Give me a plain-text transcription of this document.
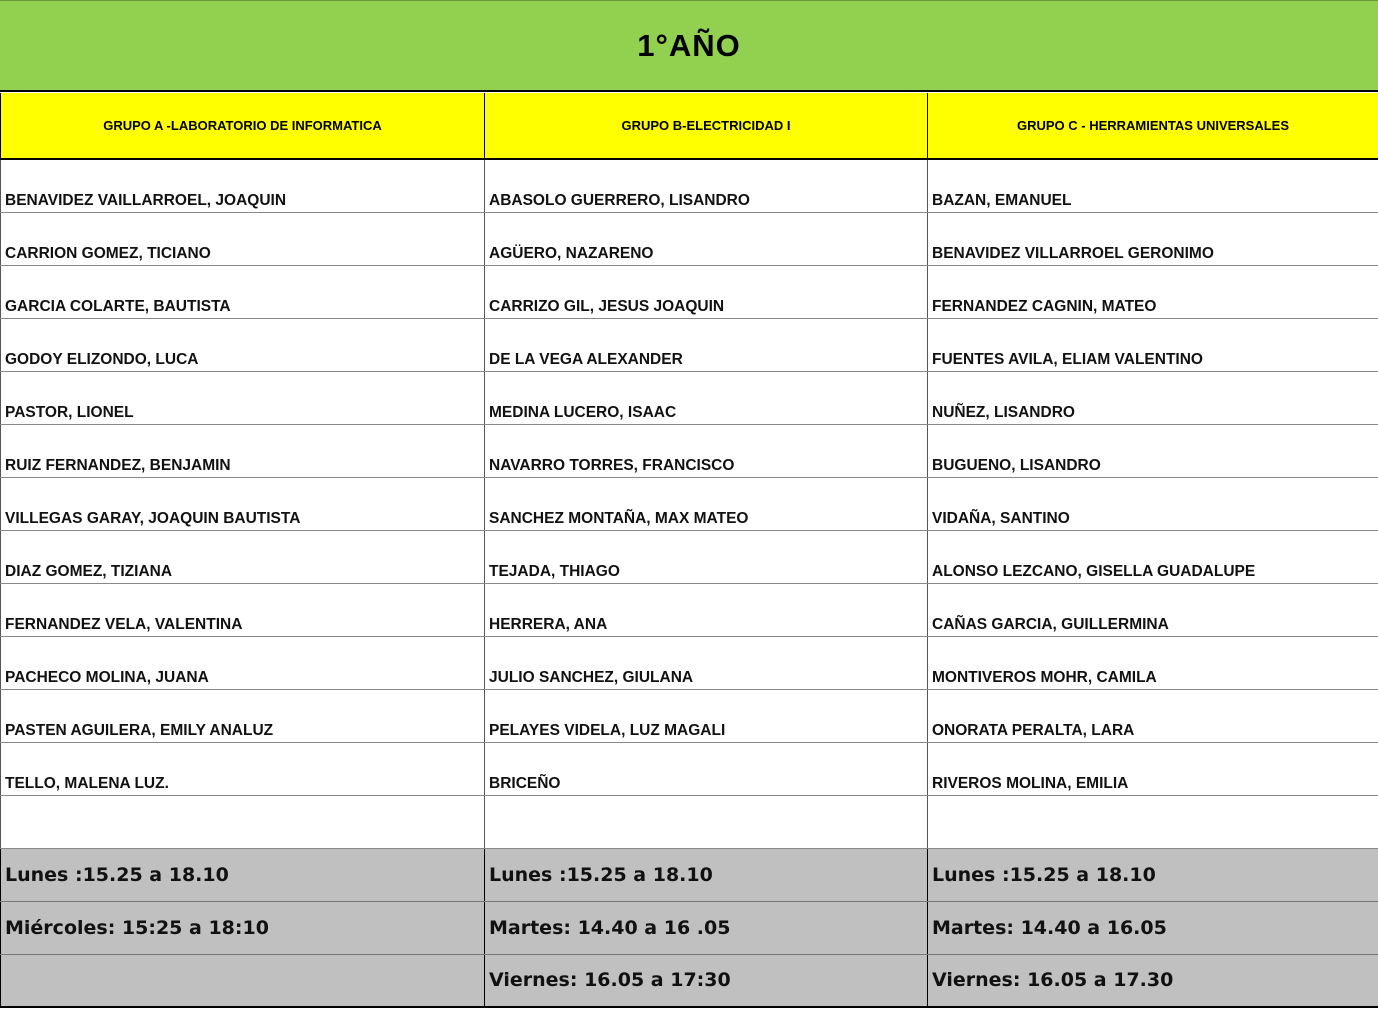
1°AÑO
GRUPO A -LABORATORIO DE INFORMATICA	GRUPO B-ELECTRICIDAD I	GRUPO C - HERRAMIENTAS UNIVERSALES
BENAVIDEZ VAILLARROEL, JOAQUIN	ABASOLO GUERRERO, LISANDRO	BAZAN, EMANUEL
CARRION GOMEZ, TICIANO	AGÜERO, NAZARENO	BENAVIDEZ VILLARROEL GERONIMO
GARCIA COLARTE, BAUTISTA	CARRIZO GIL, JESUS JOAQUIN	FERNANDEZ CAGNIN, MATEO
GODOY ELIZONDO, LUCA	DE LA VEGA ALEXANDER	FUENTES AVILA, ELIAM VALENTINO
PASTOR, LIONEL	MEDINA LUCERO, ISAAC	NUÑEZ, LISANDRO
RUIZ FERNANDEZ, BENJAMIN	NAVARRO TORRES, FRANCISCO	BUGUENO, LISANDRO
VILLEGAS GARAY, JOAQUIN BAUTISTA	SANCHEZ MONTAÑA, MAX MATEO	VIDAÑA, SANTINO
DIAZ GOMEZ, TIZIANA	TEJADA, THIAGO	ALONSO LEZCANO, GISELLA GUADALUPE
FERNANDEZ VELA, VALENTINA	HERRERA, ANA	CAÑAS GARCIA, GUILLERMINA
PACHECO MOLINA, JUANA	JULIO SANCHEZ, GIULANA	MONTIVEROS MOHR, CAMILA
PASTEN AGUILERA, EMILY ANALUZ	PELAYES VIDELA, LUZ MAGALI	ONORATA PERALTA, LARA
TELLO, MALENA LUZ.	BRICEÑO	RIVEROS MOLINA, EMILIA

Lunes :15.25 a 18.10	Lunes :15.25 a 18.10	Lunes :15.25 a 18.10
Miércoles: 15:25 a 18:10	Martes: 14.40 a 16 .05	Martes: 14.40 a 16.05
	Viernes: 16.05 a 17:30	Viernes: 16.05 a 17.30
